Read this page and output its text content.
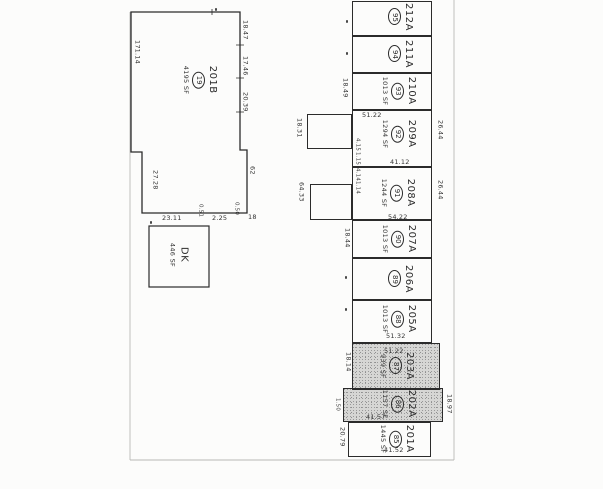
95 212A
94 211A
1013 SF 93 210A
1294 SF 92 209A
1244 SF 91 208A
1013 SF 90 207A
89 206A
1013 SF 88 205A
939 SF 87 203A
1157 SF 86 202A
1445 SF 85 201A
4195 SF 19 201B
446 SF DK
171.14
18.47
17.46
20.39
62
27.28
23.11
0.51
2.25
0.50
18
18.49
51.22
18.31
4.15
1.15	41.12
26.44
64.33
4.14
1.14
54.22
26.44
18.44
51.32
51.22
18.14
1.50	18.97
41.57
20.79
41.52
